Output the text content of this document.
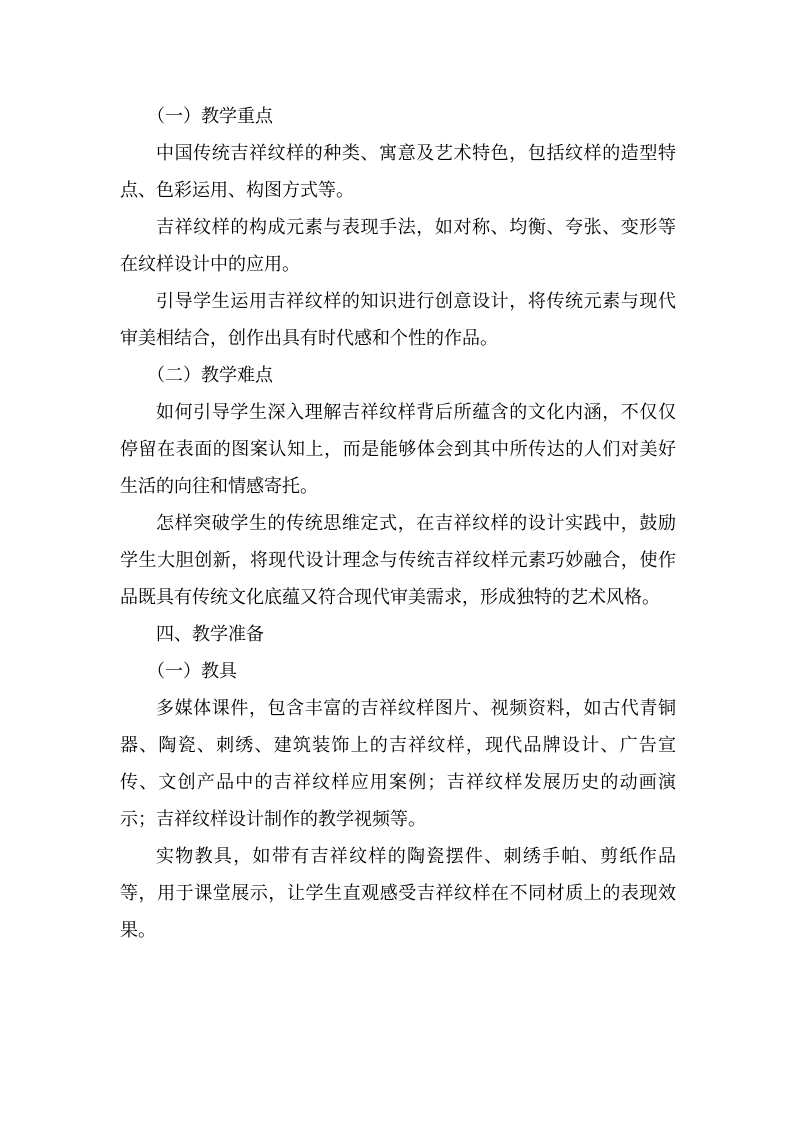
（一）教学重点

中国传统吉祥纹样的种类、寓意及艺术特色，包括纹样的造型特点、色彩运用、构图方式等。

吉祥纹样的构成元素与表现手法，如对称、均衡、夸张、变形等在纹样设计中的应用。

引导学生运用吉祥纹样的知识进行创意设计，将传统元素与现代审美相结合，创作出具有时代感和个性的作品。

（二）教学难点

如何引导学生深入理解吉祥纹样背后所蕴含的文化内涵，不仅仅停留在表面的图案认知上，而是能够体会到其中所传达的人们对美好生活的向往和情感寄托。

怎样突破学生的传统思维定式，在吉祥纹样的设计实践中，鼓励学生大胆创新，将现代设计理念与传统吉祥纹样元素巧妙融合，使作品既具有传统文化底蕴又符合现代审美需求，形成独特的艺术风格。

四、教学准备

（一）教具

多媒体课件，包含丰富的吉祥纹样图片、视频资料，如古代青铜器、陶瓷、刺绣、建筑装饰上的吉祥纹样，现代品牌设计、广告宣传、文创产品中的吉祥纹样应用案例；吉祥纹样发展历史的动画演示；吉祥纹样设计制作的教学视频等。

实物教具，如带有吉祥纹样的陶瓷摆件、刺绣手帕、剪纸作品等，用于课堂展示，让学生直观感受吉祥纹样在不同材质上的表现效果。
